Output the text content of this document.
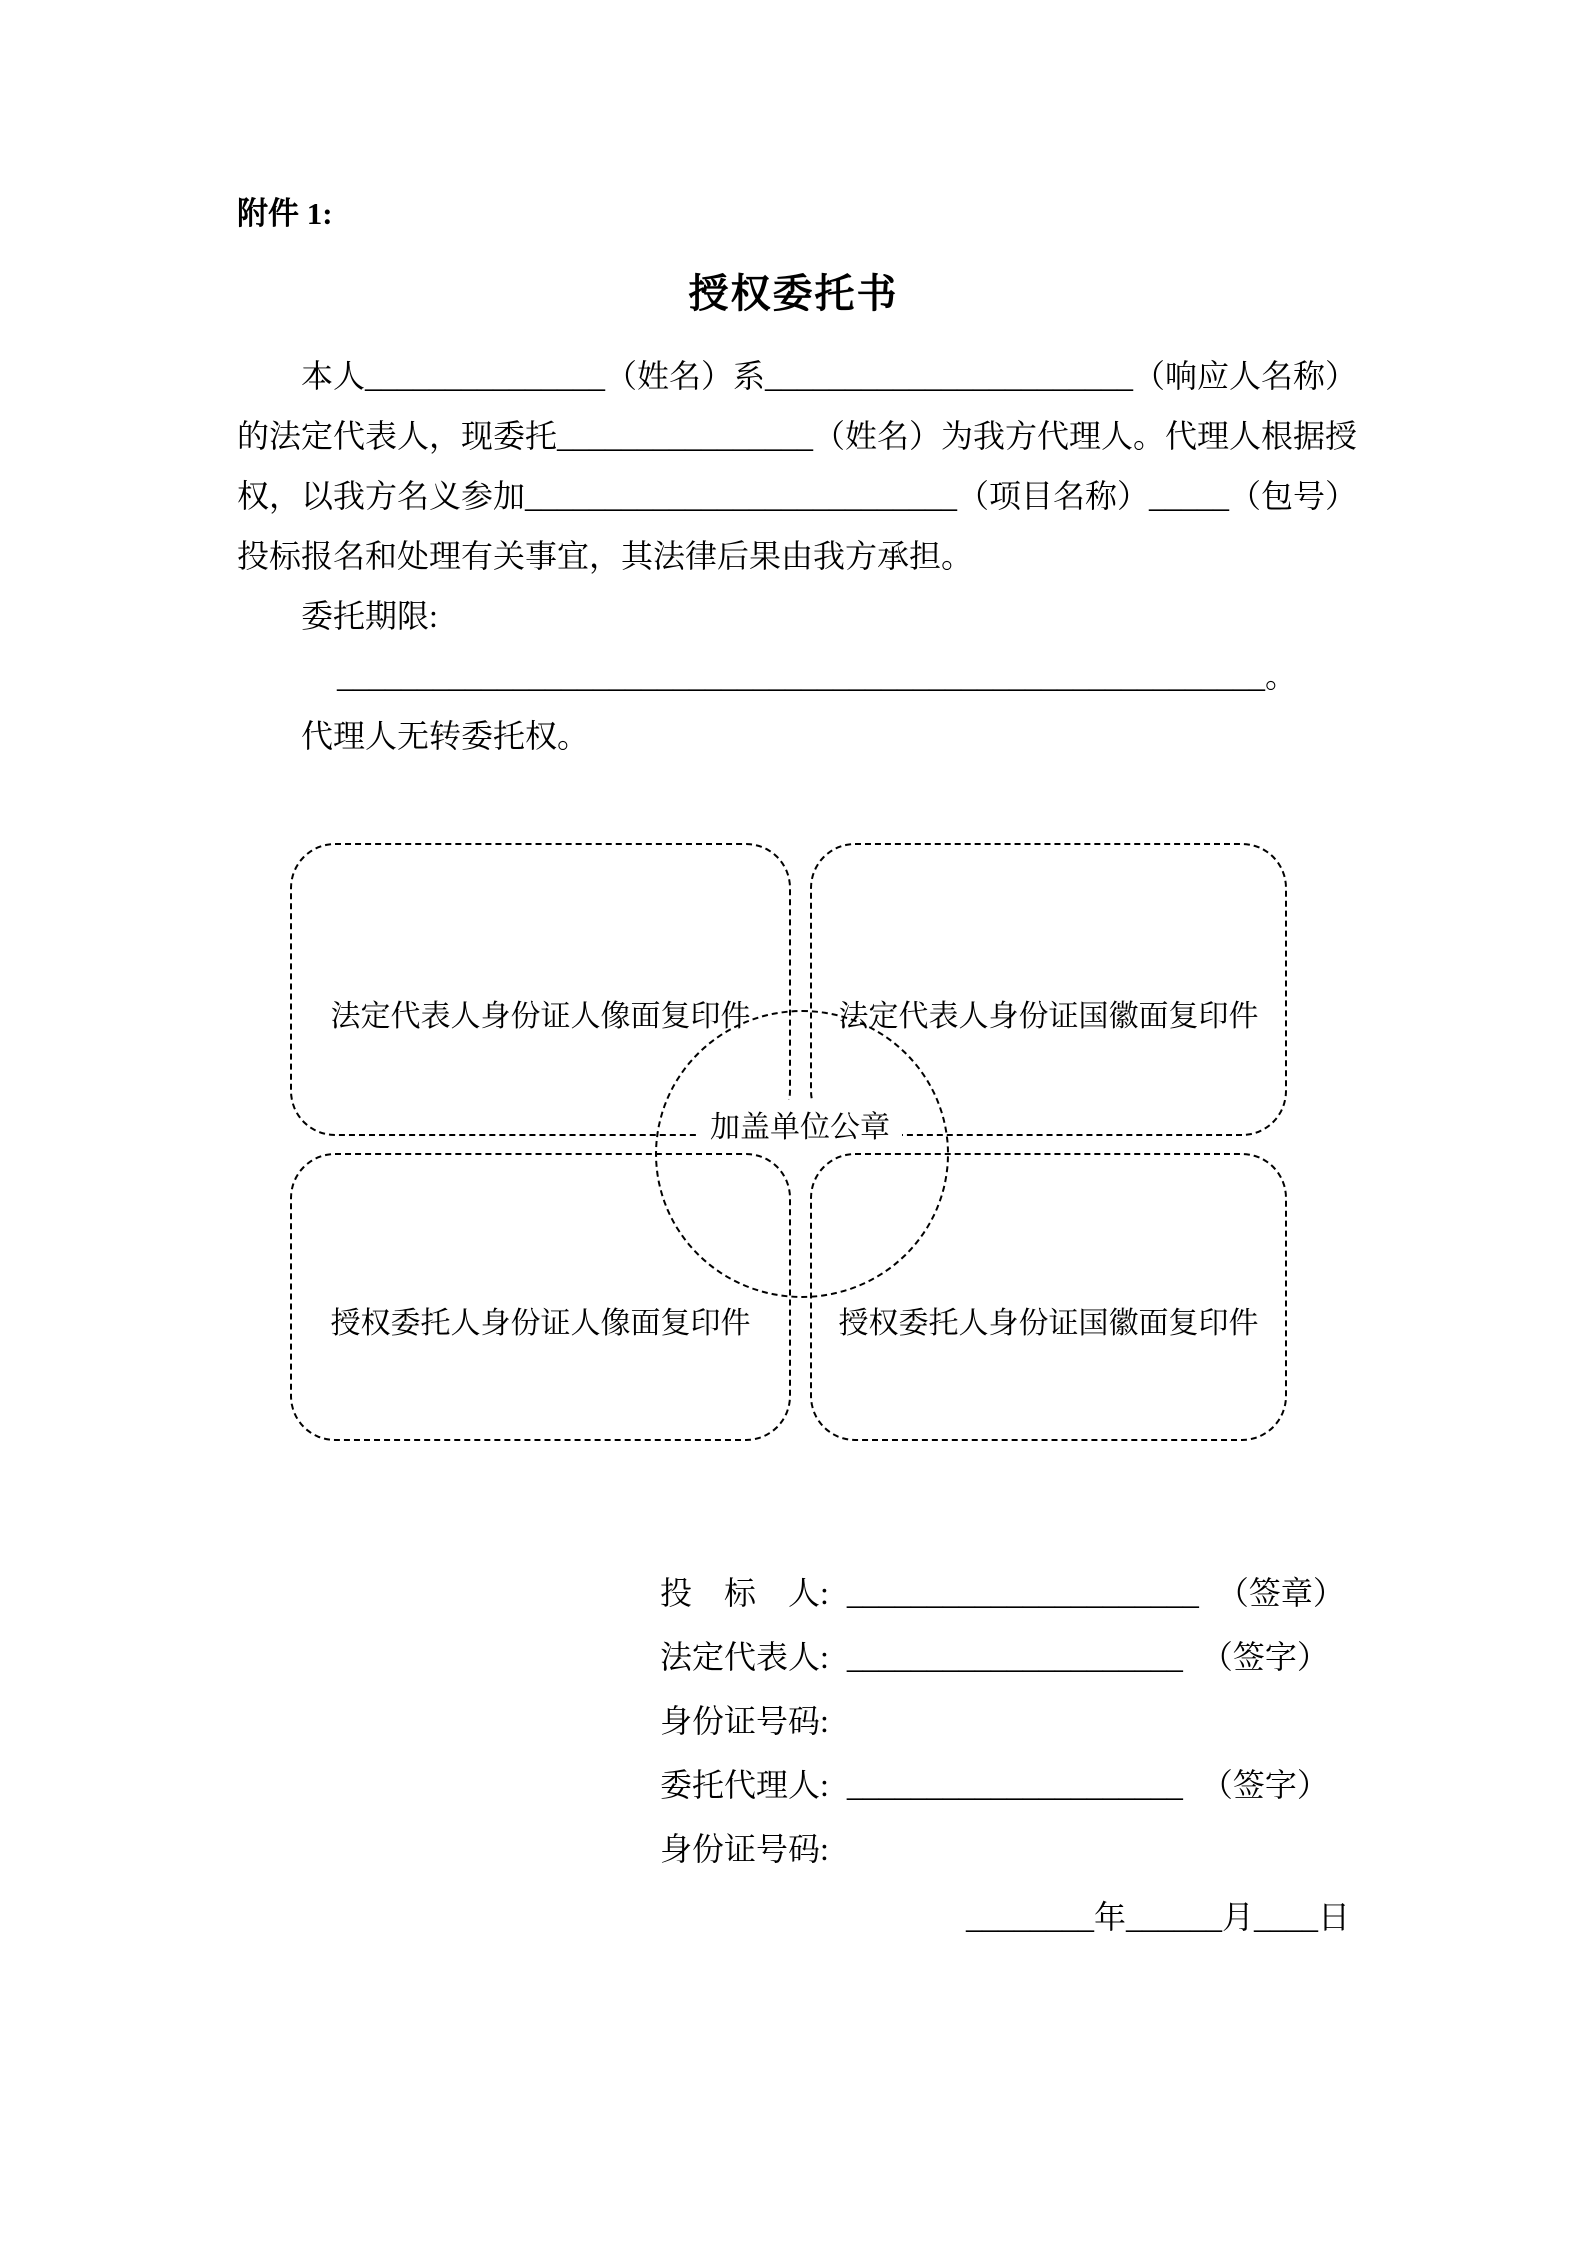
附件 1:
授权委托书
本人_______________（姓名）系_______________________（响应人名称）
的法定代表人，现委托________________（姓名）为我方代理人。代理人根据授
权，以我方名义参加___________________________（项目名称）_____（包号）
投标报名和处理有关事宜，其法律后果由我方承担。
委托期限:
__________________________________________________________。
代理人无转委托权。
法定代表人身份证人像面复印件	法定代表人身份证国徽面复印件
授权委托人身份证人像面复印件	授权委托人身份证国徽面复印件
加盖单位公章
投　标　人: ______________________ （签章）
法定代表人: _____________________ （签字）
身份证号码:
委托代理人: _____________________ （签字）
身份证号码:
________年______月____日
